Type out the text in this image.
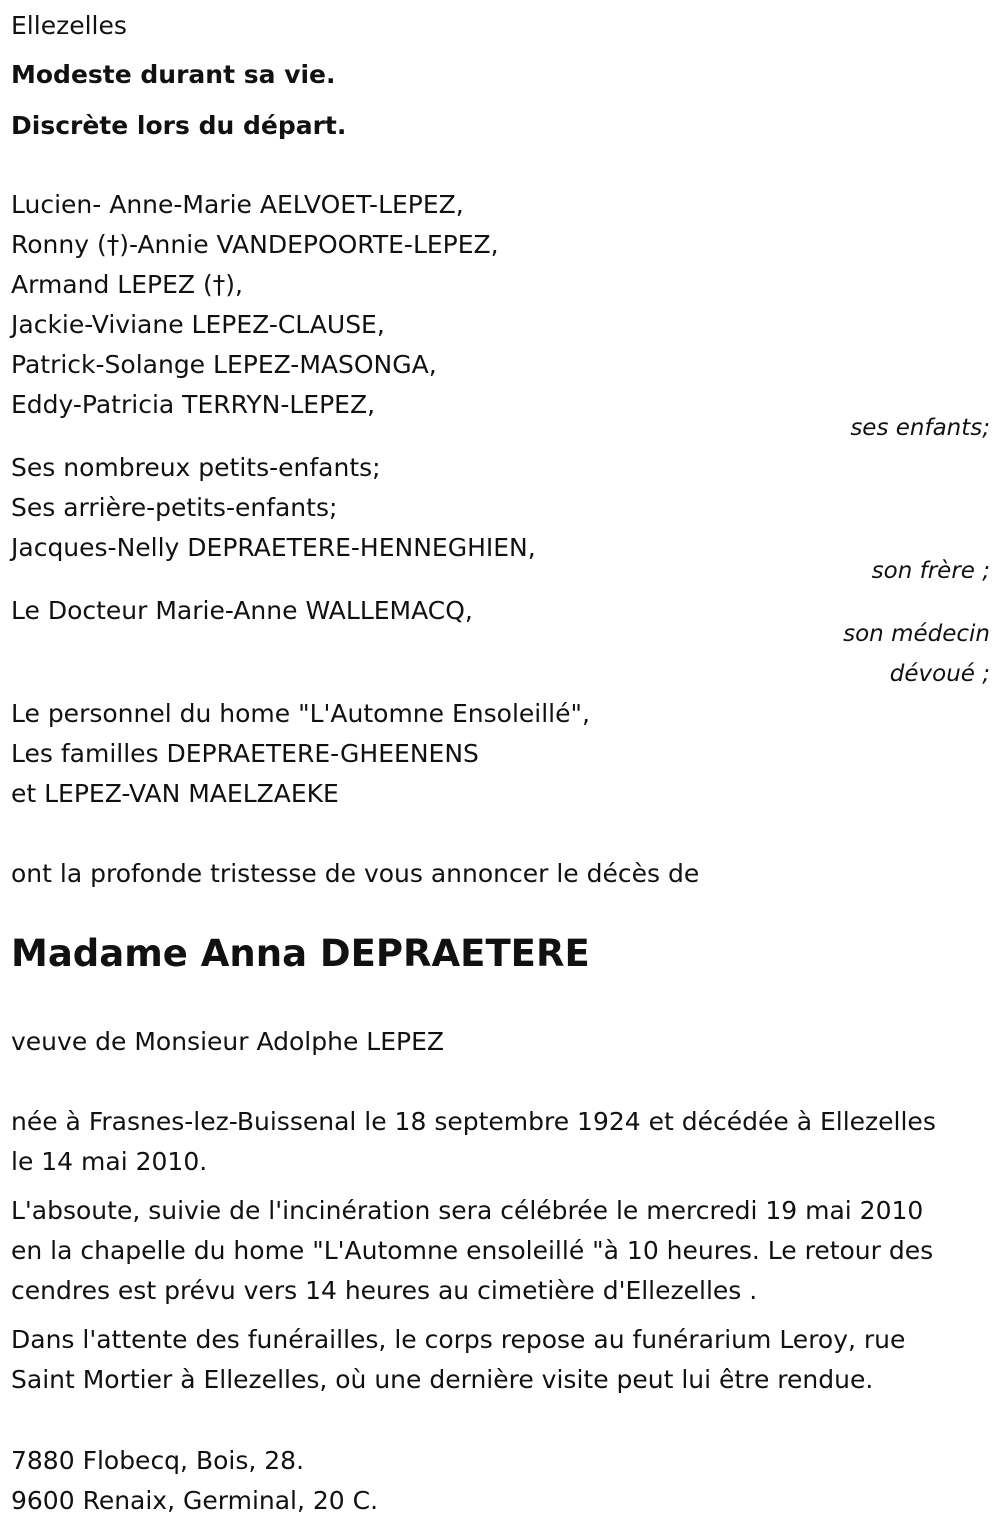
Ellezelles
Modeste durant sa vie.
Discrète lors du départ.
Lucien- Anne-Marie AELVOET-LEPEZ,
Ronny (†)-Annie VANDEPOORTE-LEPEZ,
Armand LEPEZ (†),
Jackie-Viviane LEPEZ-CLAUSE,
Patrick-Solange LEPEZ-MASONGA,
Eddy-Patricia TERRYN-LEPEZ,
ses enfants;
Ses nombreux petits-enfants;
Ses arrière-petits-enfants;
Jacques-Nelly DEPRAETERE-HENNEGHIEN,
son frère ;
Le Docteur Marie-Anne WALLEMACQ,
son médecin
dévoué ;
Le personnel du home "L'Automne Ensoleillé",
Les familles DEPRAETERE-GHEENENS
et LEPEZ-VAN MAELZAEKE
ont la profonde tristesse de vous annoncer le décès de
Madame Anna DEPRAETERE
veuve de Monsieur Adolphe LEPEZ
née à Frasnes-lez-Buissenal le 18 septembre 1924 et décédée à Ellezelles
le 14 mai 2010.
L'absoute, suivie de l'incinération sera célébrée le mercredi 19 mai 2010
en la chapelle du home "L'Automne ensoleillé "à 10 heures. Le retour des
cendres est prévu vers 14 heures au cimetière d'Ellezelles .
Dans l'attente des funérailles, le corps repose au funérarium Leroy, rue
Saint Mortier à Ellezelles, où une dernière visite peut lui être rendue.
7880 Flobecq, Bois, 28.
9600 Renaix, Germinal, 20 C.
